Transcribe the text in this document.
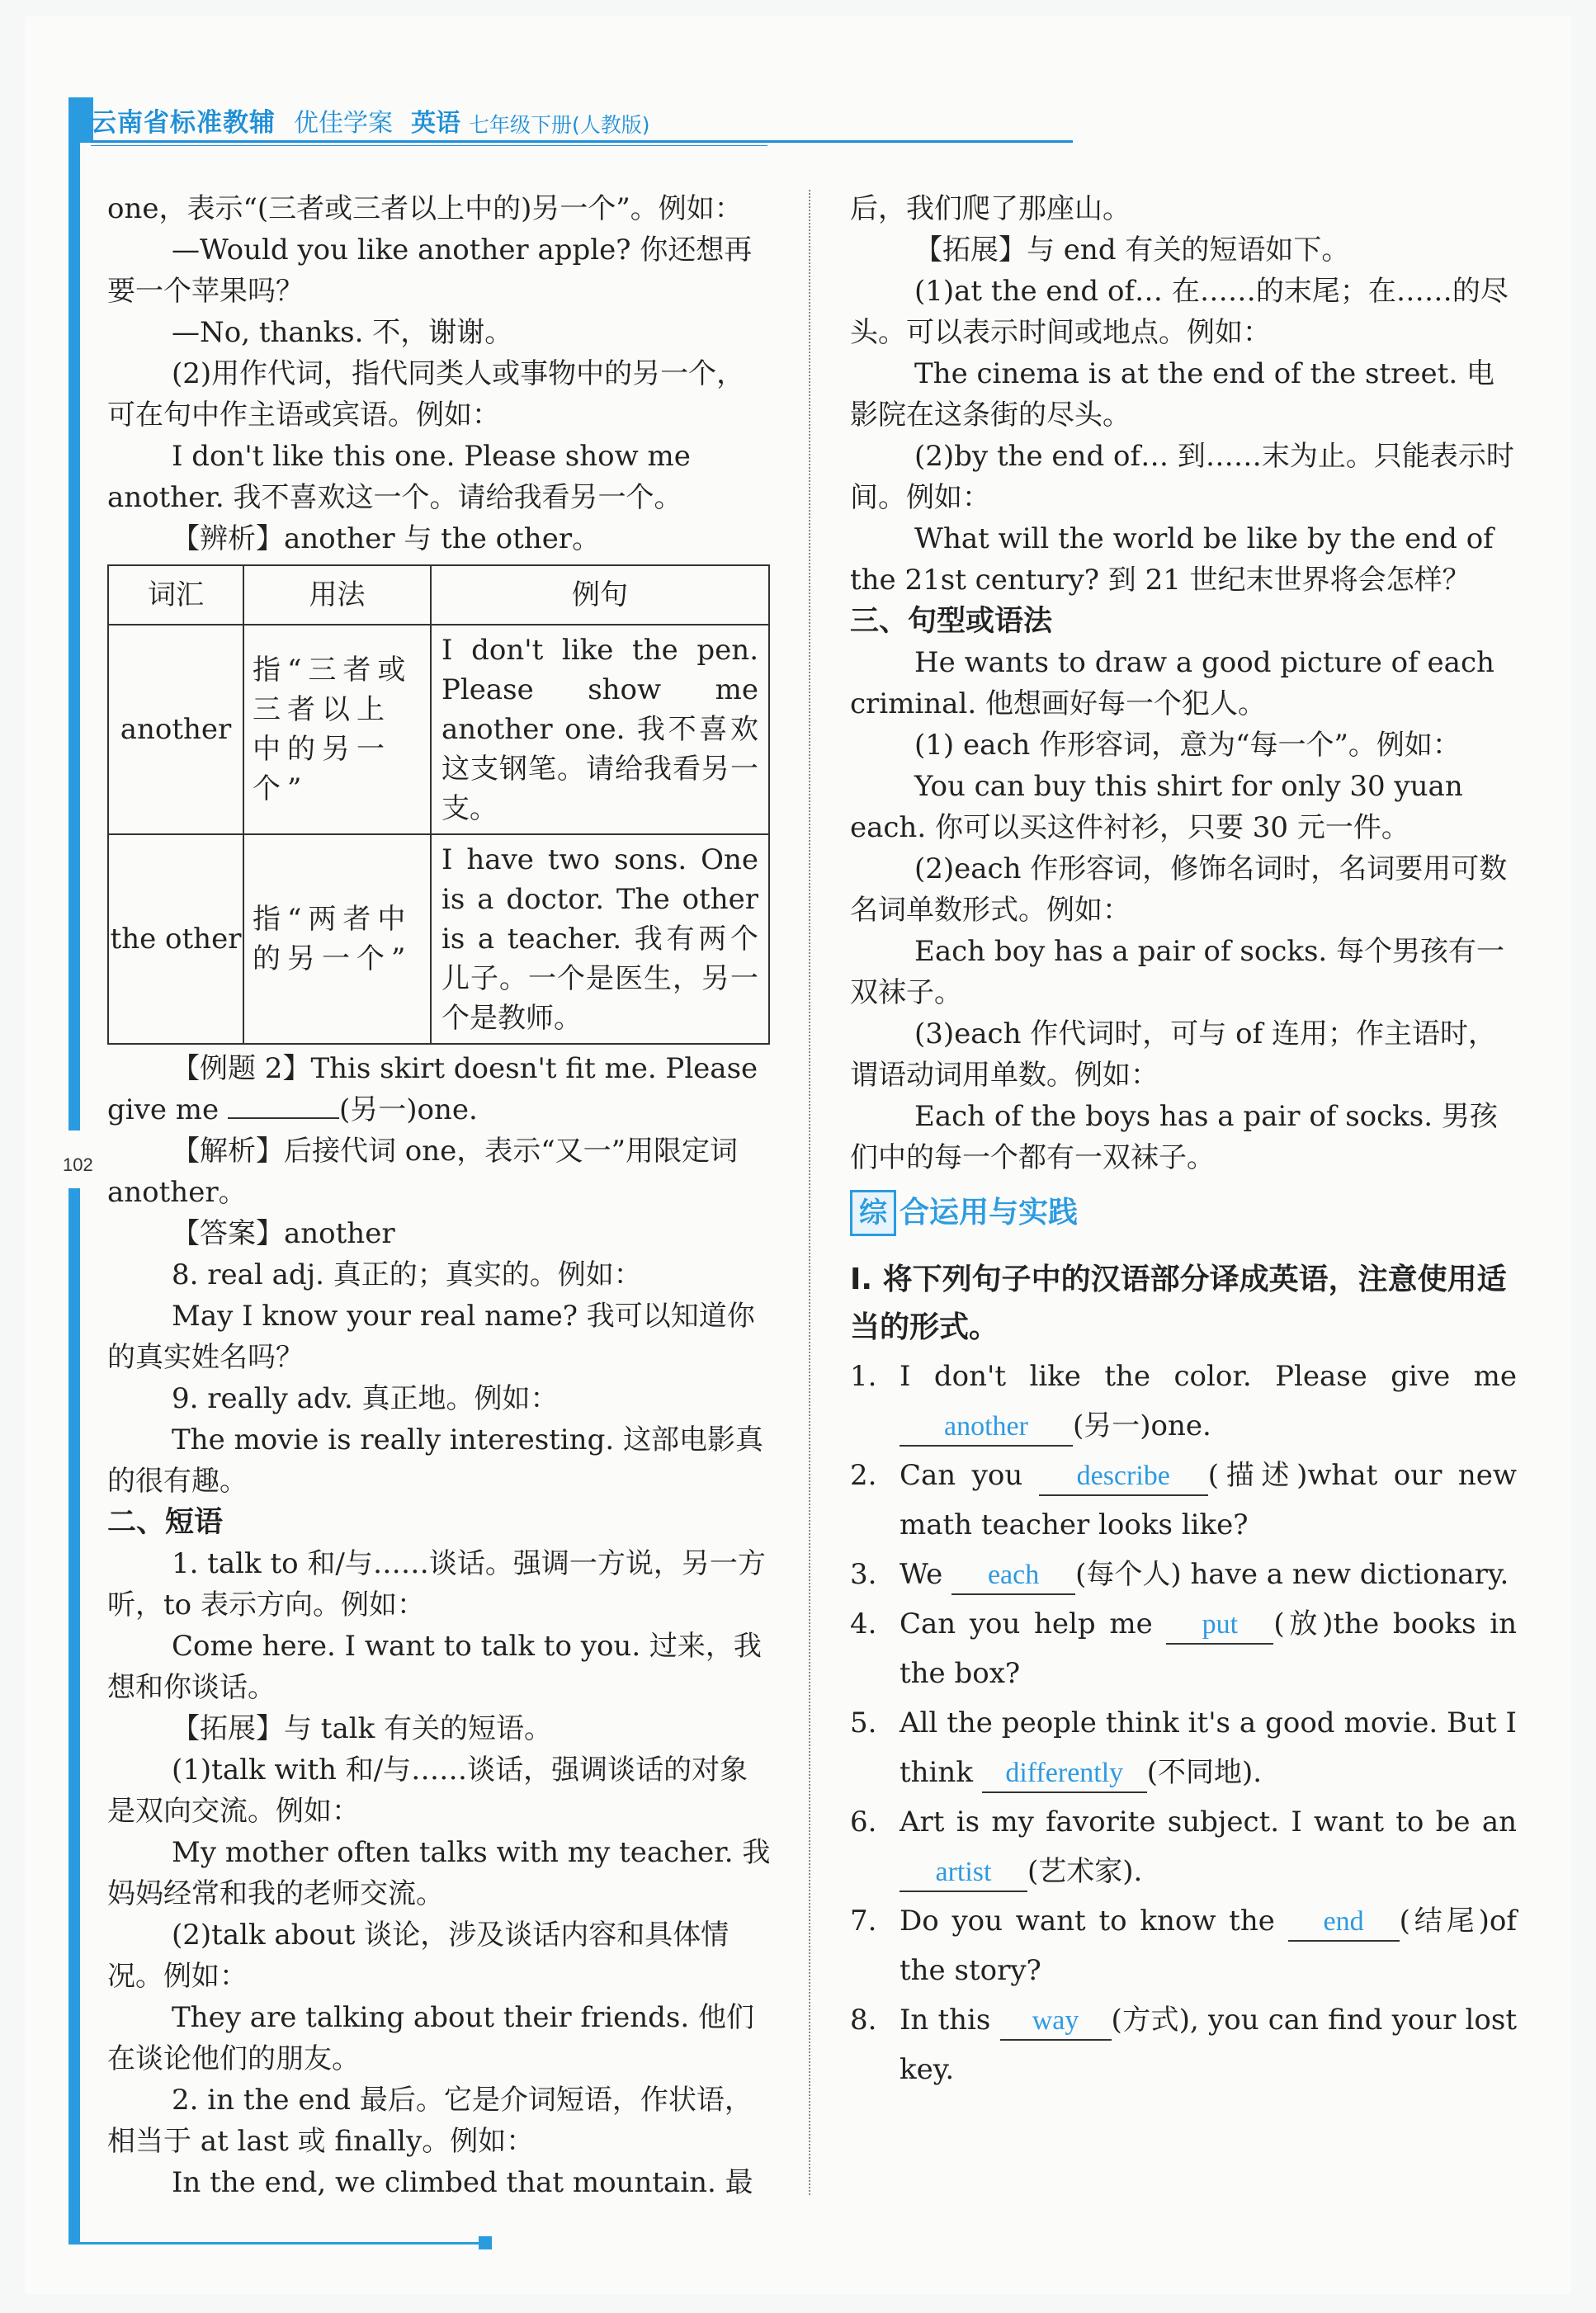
云南省标准教辅 优佳学案 英语 七年级下册(人教版)
102

one，表示“(三者或三者以上中的)另一个”。例如：

—Would you like another apple? 你还想再要一个苹果吗？

—No, thanks. 不，谢谢。

(2)用作代词，指代同类人或事物中的另一个，可在句中作主语或宾语。例如：

I don't like this one. Please show me another. 我不喜欢这一个。请给我看另一个。

【辨析】another 与 the other。

词汇	用法	例句
another	指“三者或三者以上中的另一个”	I don't like the pen. Please show me another one. 我不喜欢这支钢笔。请给我看另一支。
the other	指“两者中的另一个”	I have two sons. One is a doctor. The other is a teacher. 我有两个儿子。一个是医生，另一个是教师。

【例题 2】This skirt doesn't fit me. Please give me	(另一)one.

【解析】后接代词 one，表示“又一”用限定词 another。

【答案】another

8. real adj. 真正的；真实的。例如：

May I know your real name? 我可以知道你的真实姓名吗？

9. really adv. 真正地。例如：

The movie is really interesting. 这部电影真的很有趣。

二、短语

1. talk to 和/与……谈话。强调一方说，另一方听，to 表示方向。例如：

Come here. I want to talk to you. 过来，我想和你谈话。

【拓展】与 talk 有关的短语。

(1)talk with 和/与……谈话，强调谈话的对象是双向交流。例如：

My mother often talks with my teacher. 我妈妈经常和我的老师交流。

(2)talk about 谈论，涉及谈话内容和具体情况。例如：

They are talking about their friends. 他们在谈论他们的朋友。

2. in the end 最后。它是介词短语，作状语，相当于 at last 或 finally。例如：

In the end, we climbed that mountain. 最

后，我们爬了那座山。

【拓展】与 end 有关的短语如下。

(1)at the end of… 在……的末尾；在……的尽头。可以表示时间或地点。例如：

The cinema is at the end of the street. 电影院在这条街的尽头。

(2)by the end of… 到……末为止。只能表示时间。例如：

What will the world be like by the end of the 21st century? 到 21 世纪末世界将会怎样？

三、句型或语法

He wants to draw a good picture of each criminal. 他想画好每一个犯人。

(1) each 作形容词，意为“每一个”。例如：

You can buy this shirt for only 30 yuan each. 你可以买这件衬衫，只要 30 元一件。

(2)each 作形容词，修饰名词时，名词要用可数名词单数形式。例如：

Each boy has a pair of socks. 每个男孩有一双袜子。

(3)each 作代词时，可与 of 连用；作主语时，谓语动词用单数。例如：

Each of the boys has a pair of socks. 男孩们中的每一个都有一双袜子。

综 合运用与实践

Ⅰ. 将下列句子中的汉语部分译成英语，注意使用适当的形式。

1. I don't like the color. Please give me another (另一)one.
2. Can you describe (描述)what our new math teacher looks like?
3. We each (每个人) have a new dictionary.
4. Can you help me put (放)the books in the box?
5. All the people think it's a good movie. But I think differently (不同地).
6. Art is my favorite subject. I want to be an artist (艺术家).
7. Do you want to know the end (结尾)of the story?
8. In this way (方式), you can find your lost key.
